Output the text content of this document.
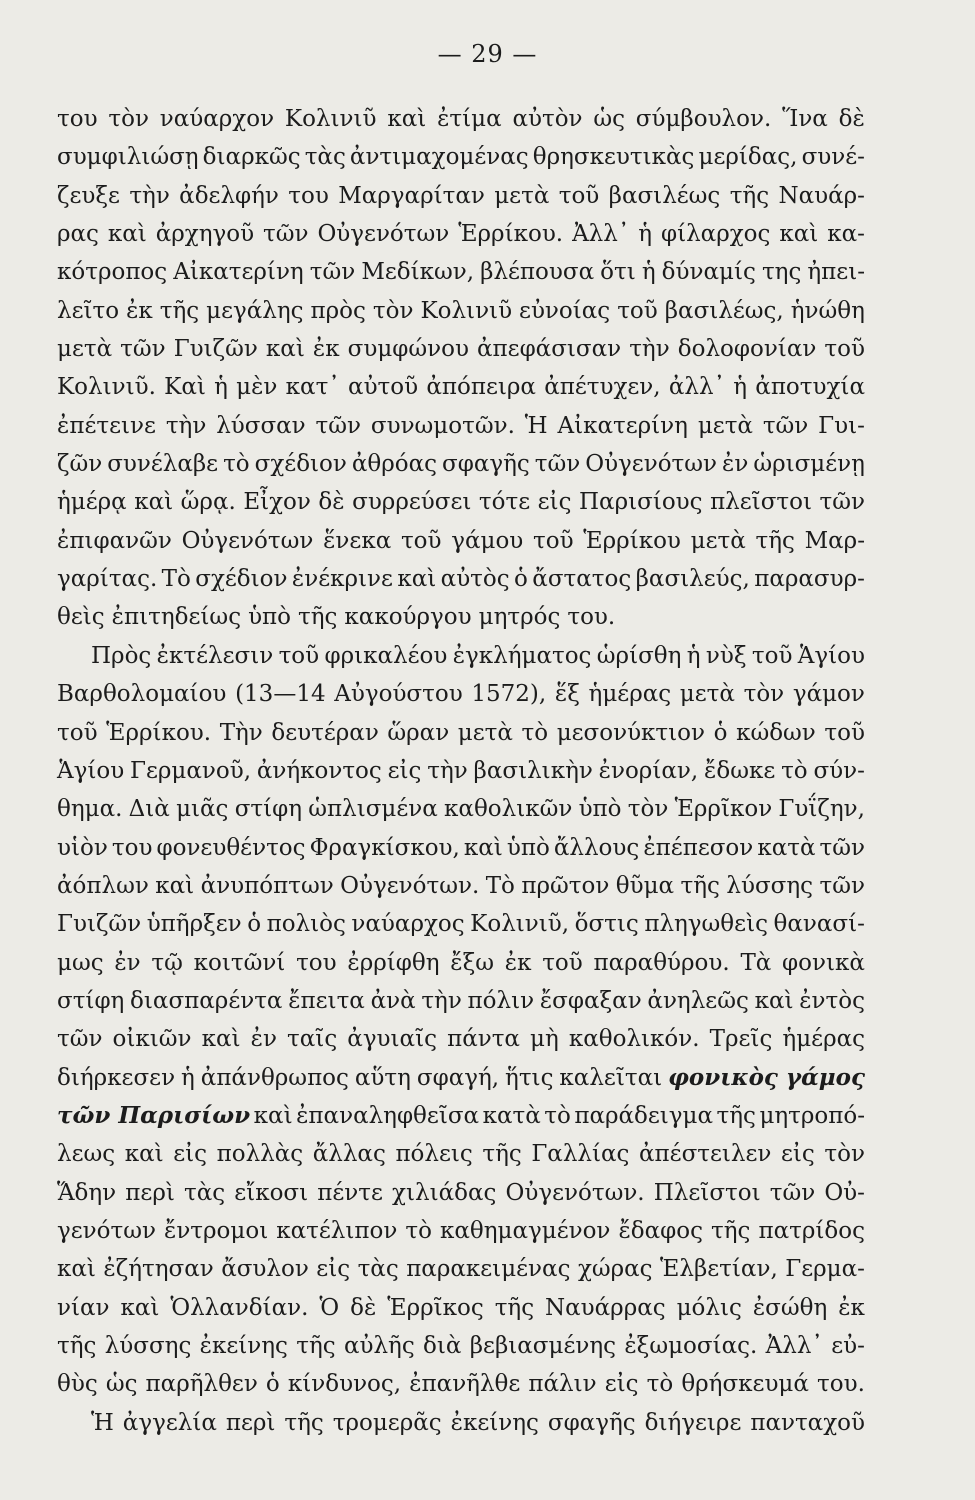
— 29 —
του τὸν ναύαρχον Κολινιῦ καὶ ἐτίμα αὐτὸν ὡς σύμβουλον. Ἵνα δὲ
συμφιλιώσῃ διαρκῶς τὰς ἀντιμαχομένας θρησκευτικὰς μερίδας, συνέ-
ζευξε τὴν ἀδελφήν του Μαργαρίταν μετὰ τοῦ βασιλέως τῆς Ναυάρ-
ρας καὶ ἀρχηγοῦ τῶν Οὐγενότων Ἑρρίκου. Ἀλλ᾽ ἡ φίλαρχος καὶ κα-
κότροπος Αἰκατερίνη τῶν Μεδίκων, βλέπουσα ὅτι ἡ δύναμίς της ἠπει-
λεῖτο ἐκ τῆς μεγάλης πρὸς τὸν Κολινιῦ εὐνοίας τοῦ βασιλέως, ἡνώθη
μετὰ τῶν Γυιζῶν καὶ ἐκ συμφώνου ἀπεφάσισαν τὴν δολοφονίαν τοῦ
Κολινιῦ. Καὶ ἡ μὲν κατ᾽ αὐτοῦ ἀπόπειρα ἀπέτυχεν, ἀλλ᾽ ἡ ἀποτυχία
ἐπέτεινε τὴν λύσσαν τῶν συνωμοτῶν. Ἡ Αἰκατερίνη μετὰ τῶν Γυι-
ζῶν συνέλαβε τὸ σχέδιον ἀθρόας σφαγῆς τῶν Οὐγενότων ἐν ὡρισμένῃ
ἡμέρᾳ καὶ ὥρᾳ. Εἶχον δὲ συρρεύσει τότε εἰς Παρισίους πλεῖστοι τῶν
ἐπιφανῶν Οὐγενότων ἕνεκα τοῦ γάμου τοῦ Ἑρρίκου μετὰ τῆς Μαρ-
γαρίτας. Τὸ σχέδιον ἐνέκρινε καὶ αὐτὸς ὁ ἄστατος βασιλεύς, παρασυρ-
θεὶς ἐπιτηδείως ὑπὸ τῆς κακούργου μητρός του.
Πρὸς ἐκτέλεσιν τοῦ φρικαλέου ἐγκλήματος ὡρίσθη ἡ νὺξ τοῦ Ἁγίου
Βαρθολομαίου (13—14 Αὐγούστου 1572), ἕξ ἡμέρας μετὰ τὸν γάμον
τοῦ Ἑρρίκου. Τὴν δευτέραν ὥραν μετὰ τὸ μεσονύκτιον ὁ κώδων τοῦ
Ἁγίου Γερμανοῦ, ἀνήκοντος εἰς τὴν βασιλικὴν ἐνορίαν, ἔδωκε τὸ σύν-
θημα. Διὰ μιᾶς στίφη ὡπλισμένα καθολικῶν ὑπὸ τὸν Ἑρρῖκον Γυΐζην,
υἱὸν του φονευθέντος Φραγκίσκου, καὶ ὑπὸ ἄλλους ἐπέπεσον κατὰ τῶν
ἀόπλων καὶ ἀνυπόπτων Οὐγενότων. Τὸ πρῶτον θῦμα τῆς λύσσης τῶν
Γυιζῶν ὑπῆρξεν ὁ πολιὸς ναύαρχος Κολινιῦ, ὅστις πληγωθεὶς θανασί-
μως ἐν τῷ κοιτῶνί του ἐρρίφθη ἔξω ἐκ τοῦ παραθύρου. Τὰ φονικὰ
στίφη διασπαρέντα ἔπειτα ἀνὰ τὴν πόλιν ἔσφαξαν ἀνηλεῶς καὶ ἐντὸς
τῶν οἰκιῶν καὶ ἐν ταῖς ἀγυιαῖς πάντα μὴ καθολικόν. Τρεῖς ἡμέρας
διήρκεσεν ἡ ἀπάνθρωπος αὕτη σφαγή, ἥτις καλεῖται φονικὸς γάμος
τῶν Παρισίων καὶ ἐπαναληφθεῖσα κατὰ τὸ παράδειγμα τῆς μητροπό-
λεως καὶ εἰς πολλὰς ἄλλας πόλεις τῆς Γαλλίας ἀπέστειλεν εἰς τὸν
Ἅδην περὶ τὰς εἴκοσι πέντε χιλιάδας Οὐγενότων. Πλεῖστοι τῶν Οὐ-
γενότων ἔντρομοι κατέλιπον τὸ καθημαγμένον ἔδαφος τῆς πατρίδος
καὶ ἐζήτησαν ἄσυλον εἰς τὰς παρακειμένας χώρας Ἑλβετίαν, Γερμα-
νίαν καὶ Ὁλλανδίαν. Ὁ δὲ Ἑρρῖκος τῆς Ναυάρρας μόλις ἐσώθη ἐκ
τῆς λύσσης ἐκείνης τῆς αὐλῆς διὰ βεβιασμένης ἐξωμοσίας. Ἀλλ᾽ εὐ-
θὺς ὡς παρῆλθεν ὁ κίνδυνος, ἐπανῆλθε πάλιν εἰς τὸ θρήσκευμά του.
Ἡ ἀγγελία περὶ τῆς τρομερᾶς ἐκείνης σφαγῆς διήγειρε πανταχοῦ
